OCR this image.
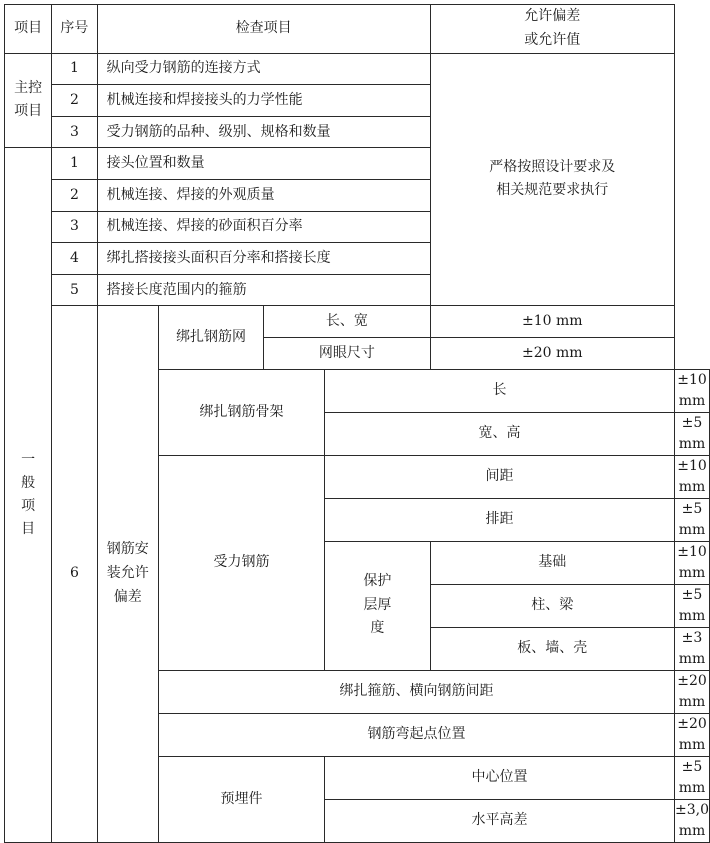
项目	序号	检查项目				允许偏差
或允许值	
主控
项目	1	纵向受力钢筋的连接方式				严格按照设计要求及
相关规范要求执行	
	2	机械连接和焊接接头的力学性能					
	3	受力钢筋的品种、级别、规格和数量					
一
般
项
目	1	接头位置和数量					
	2	机械连接、焊接的外观质量					
	3	机械连接、焊接的砂面积百分率					
	4	绑扎搭接接头面积百分率和搭接长度					
	5	搭接长度范围内的箍筋					
	6	钢筋安
装允许
偏差	绑扎钢筋网	长、宽		±10 mm	
				网眼尺寸		±20 mm	
			绑扎钢筋骨架		长		±10 mm
					宽、高		±5 mm
			受力钢筋		间距		±10 mm
					排距		±5 mm
					保护
层厚
度	基础	±10 mm
						柱、梁	±5 mm
						板、墙、壳	±3 mm
			绑扎箍筋、横向钢筋间距				±20 mm
			钢筋弯起点位置				±20 mm
			预埋件		中心位置		±5 mm
					水平高差		±3,0 mm
